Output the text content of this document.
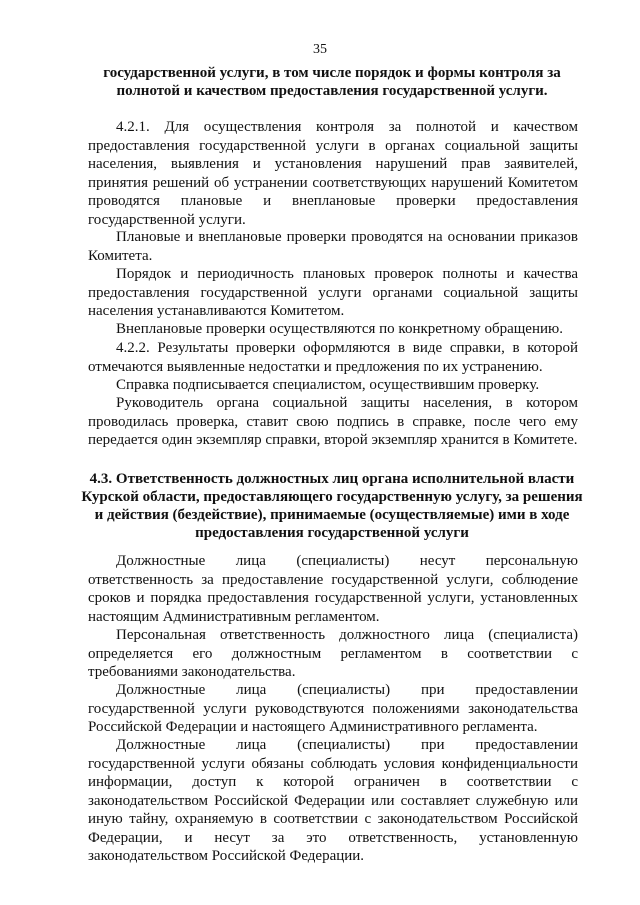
35
государственной услуги, в том числе порядок и формы контроля за полнотой и качеством предоставления государственной услуги.

4.2.1. Для осуществления контроля за полнотой и качеством предоставления государственной услуги в органах социальной защиты населения, выявления и установления нарушений прав заявителей, принятия решений об устранении соответствующих нарушений Комитетом проводятся плановые и внеплановые проверки предоставления государственной услуги.

Плановые и внеплановые проверки проводятся на основании приказов Комитета.

Порядок и периодичность плановых проверок полноты и качества предоставления государственной услуги органами социальной защиты населения устанавливаются Комитетом.

Внеплановые проверки осуществляются по конкретному обращению.

4.2.2. Результаты проверки оформляются в виде справки, в которой отмечаются выявленные недостатки и предложения по их устранению.

Справка подписывается специалистом, осуществившим проверку.

Руководитель органа социальной защиты населения, в котором проводилась проверка, ставит свою подпись в справке, после чего ему передается один экземпляр справки, второй экземпляр хранится в Комитете.

4.3. Ответственность должностных лиц органа исполнительной власти Курской области, предоставляющего государственную услугу, за решения и действия (бездействие), принимаемые (осуществляемые) ими в ходе предоставления государственной услуги

Должностные лица (специалисты) несут персональную ответственность за предоставление государственной услуги, соблюдение сроков и порядка предоставления государственной услуги, установленных настоящим Административным регламентом.

Персональная ответственность должностного лица (специалиста) определяется его должностным регламентом в соответствии с требованиями законодательства.

Должностные лица (специалисты) при предоставлении государственной услуги руководствуются положениями законодательства Российской Федерации и настоящего Административного регламента.

Должностные лица (специалисты) при предоставлении государственной услуги обязаны соблюдать условия конфиденциальности информации, доступ к которой ограничен в соответствии с законодательством Российской Федерации или составляет служебную или иную тайну, охраняемую в соответствии с законодательством Российской Федерации, и несут за это ответственность, установленную законодательством Российской Федерации.
